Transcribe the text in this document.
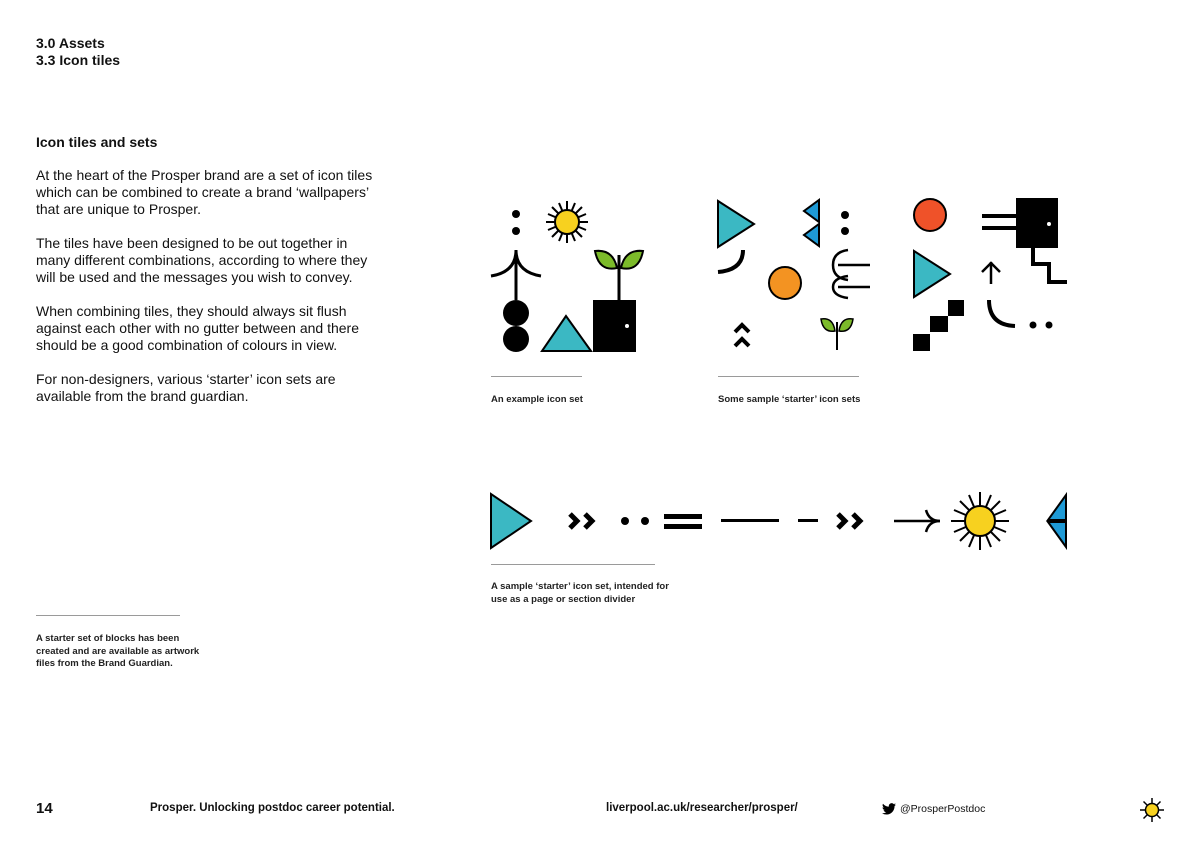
3.0 Assets
3.3 Icon tiles
Icon tiles and sets

At the heart of the Prosper brand are a set of icon tiles which can be combined to create a brand ‘wallpapers’ that are unique to Prosper.

The tiles have been designed to be out together in many different combinations, according to where they will be used and the messages you wish to convey.

When combining tiles, they should always sit flush against each other with no gutter between and there should be a good combination of colours in view.

For non-designers, various ‘starter’ icon sets are available from the brand guardian.

A starter set of blocks has been created and are available as artwork files from the Brand Guardian.
An example icon set	Some sample ‘starter’ icon sets
A sample ‘starter’ icon set, intended for use as a page or section divider
14	Prosper. Unlocking postdoc career potential.	liverpool.ac.uk/researcher/prosper/	@ProsperPostdoc
